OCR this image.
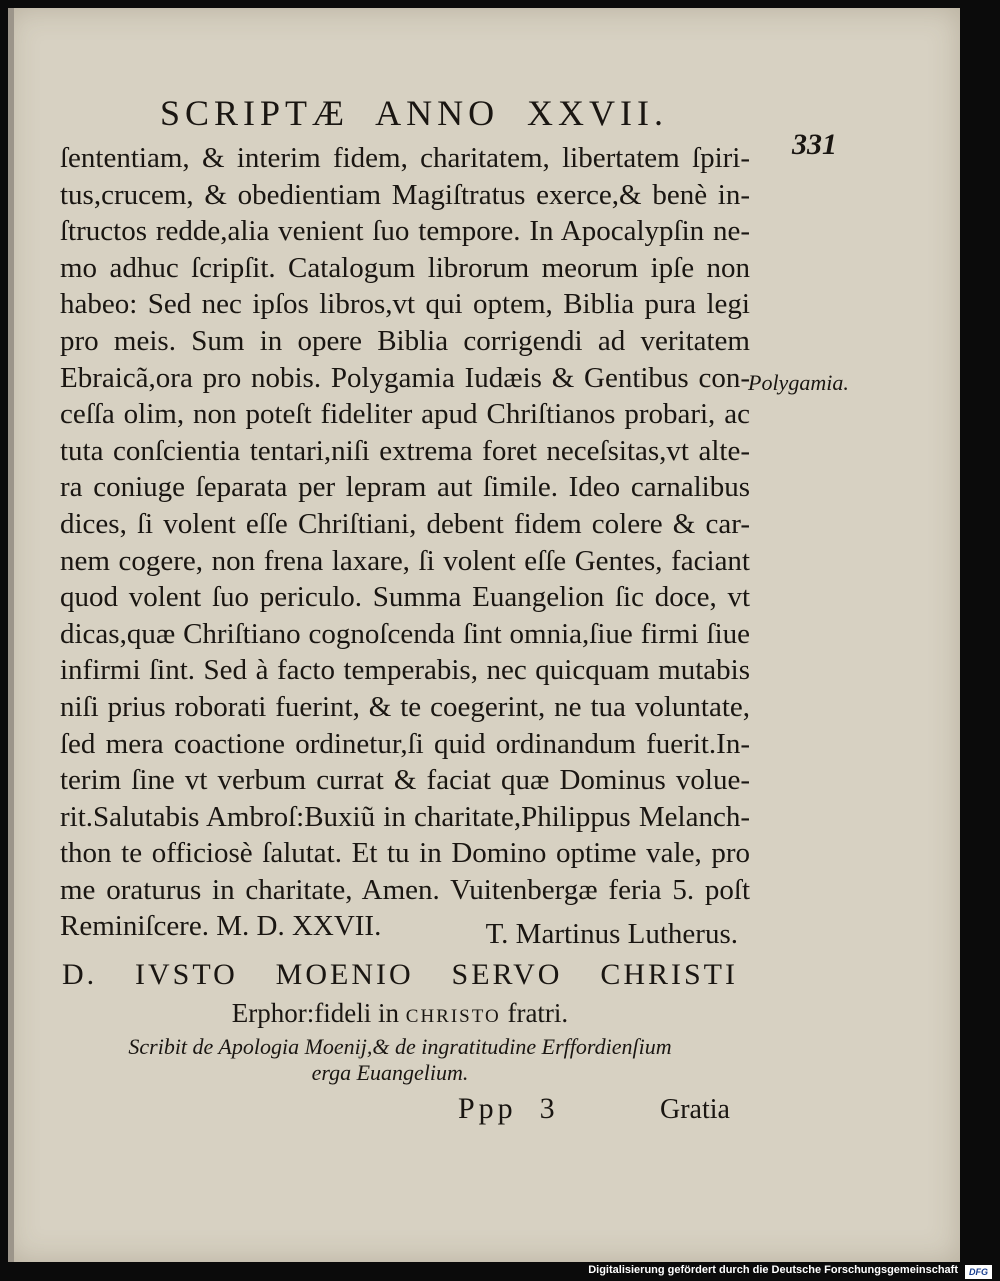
SCRIPTÆ  ANNO  XXVII.
331
ſententiam, & interim fidem, charitatem, libertatem ſpiri-
tus,crucem, & obedientiam Magiſtratus exerce,& benè in-
ſtructos redde,alia venient ſuo tempore. In Apocalypſin ne-
mo adhuc ſcripſit. Catalogum librorum meorum ipſe non
habeo: Sed nec ipſos libros,vt qui optem, Biblia pura legi
pro meis. Sum in opere Biblia corrigendi ad veritatem
Ebraicã,ora pro nobis. Polygamia Iudæis & Gentibus con-
ceſſa olim, non poteſt fideliter apud Chriſtianos probari, ac
tuta conſcientia tentari,niſi extrema foret neceſsitas,vt alte-
ra coniuge ſeparata per lepram aut ſimile. Ideo carnalibus
dices, ſi volent eſſe Chriſtiani, debent fidem colere & car-
nem cogere, non frena laxare, ſi volent eſſe Gentes, faciant
quod volent ſuo periculo. Summa Euangelion ſic doce, vt
dicas,quæ Chriſtiano cognoſcenda ſint omnia,ſiue firmi ſiue
infirmi ſint. Sed à facto temperabis, nec quicquam mutabis
niſi prius roborati fuerint, & te coegerint, ne tua voluntate,
ſed mera coactione ordinetur,ſi quid ordinandum fuerit.In-
terim ſine vt verbum currat & faciat quæ Dominus volue-
rit.Salutabis Ambroſ:Buxiũ in charitate,Philippus Melanch-
thon te officiosè ſalutat. Et tu in Domino optime vale, pro
me oraturus in charitate, Amen. Vuitenbergæ feria 5. poſt
Reminiſcere. M. D. XXVII.
Polygamia.
T. Martinus Lutherus.
D. IVSTO MOENIO SERVO CHRISTI
Erphor:fideli in CHRISTO fratri.
Scribit de Apologia Moenij,& de ingratitudine Erffordienſium
erga Euangelium.
Ppp  3	Gratia
Digitalisierung gefördert durch die Deutsche Forschungsgemeinschaft	DFG
